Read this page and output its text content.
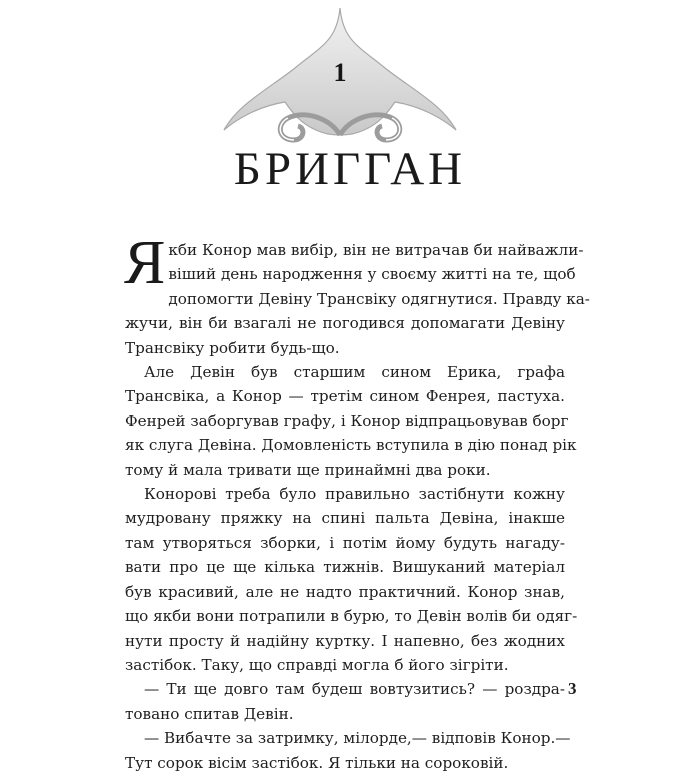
1
БРИГГАН
Я кби Конор мав вибір, він не витрачав би найважли-
віший день народження у своєму житті на те, щоб
допомогти Девіну Трансвіку одягнутися. Правду ка-
жучи, він би взагалі не погодився допомагати Девіну
Трансвіку робити будь-що.
Але Девін був старшим сином Ерика, графа
Трансвіка, а Конор — третім сином Фенрея, пастуха.
Фенрей заборгував графу, і Конор відпрацьовував борг
як слуга Девіна. Домовленість вступила в дію понад рік
тому й мала тривати ще принаймні два роки.
Конорові треба було правильно застібнути кожну
мудровану пряжку на спині пальта Девіна, інакше
там утворяться зборки, і потім йому будуть нагаду-
вати про це ще кілька тижнів. Вишуканий матеріал
був красивий, але не надто практичний. Конор знав,
що якби вони потрапили в бурю, то Девін волів би одяг-
нути просту й надійну куртку. І напевно, без жодних
застібок. Таку, що справді могла б його зігріти.
— Ти ще довго там будеш вовтузитись? — роздра-
товано спитав Девін.
— Вибачте за затримку, мілорде,— відповів Конор.—
Тут сорок вісім застібок. Я тільки на сороковій.
3
